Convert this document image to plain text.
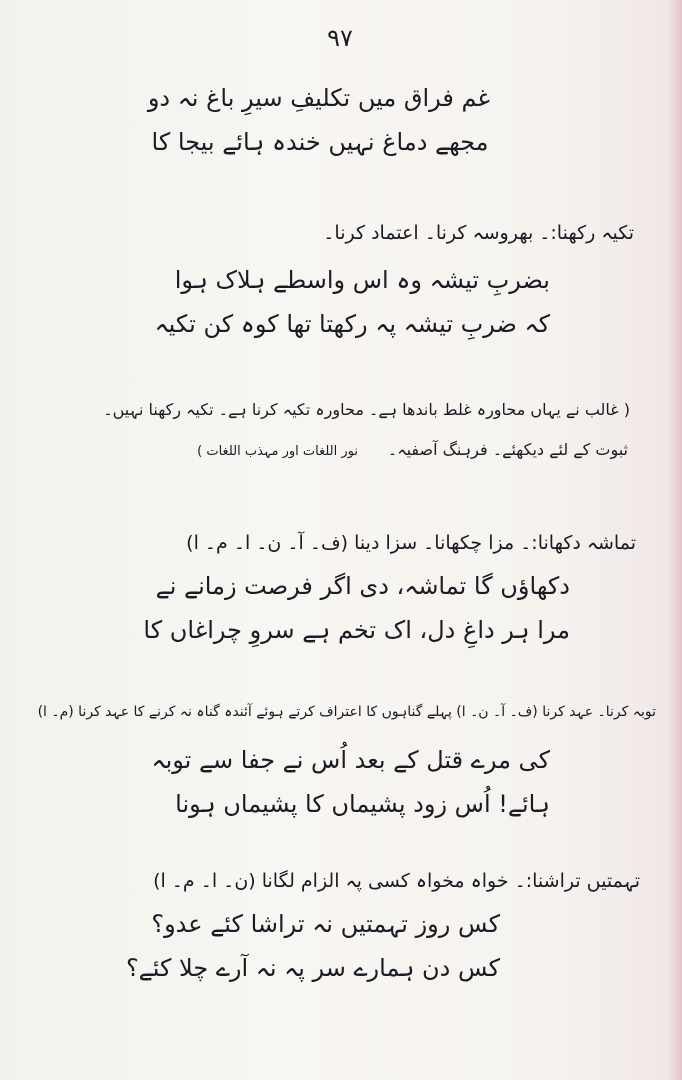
۹۷
غم فراق میں تکلیفِ سیرِ باغ نہ دو
مجھے دماغ نہیں خندہ ہائے بیجا کا
تکیہ رکھنا:۔ بھروسہ کرنا۔ اعتماد کرنا۔
بضربِ تیشہ وہ اس واسطے ہلاک ہوا
کہ ضربِ تیشہ پہ رکھتا تھا کوہ کن تکیہ
( غالب نے یہاں محاورہ غلط باندھا ہے۔ محاورہ تکیہ کرنا ہے۔ تکیہ رکھنا نہیں۔
ثبوت کے لئے دیکھئے۔ فرہنگ آصفیہ۔
نور اللغات اور مہذب اللغات )
تماشہ دکھانا:۔ مزا چکھانا۔ سزا دینا (ف۔ آ۔ ن۔ ا۔ م۔ ا)
دکھاؤں گا تماشہ، دی اگر فرصت زمانے نے
مرا ہر داغِ دل، اک تخم ہے سروِ چراغاں کا
توبہ کرنا۔ عہد کرنا (ف۔ آ۔ ن۔ ا) پہلے گناہوں کا اعتراف کرتے ہوئے آئندہ گناہ نہ کرنے کا عہد کرنا (م۔ ا)
کی مرے قتل کے بعد اُس نے جفا سے توبہ
ہائے! اُس زود پشیماں کا پشیماں ہونا
تہمتیں تراشنا:۔ خواہ مخواہ کسی پہ الزام لگانا (ن۔ ا۔ م۔ ا)
کس روز تہمتیں نہ تراشا کئے عدو؟
کس دن ہمارے سر پہ نہ آرے چلا کئے؟
